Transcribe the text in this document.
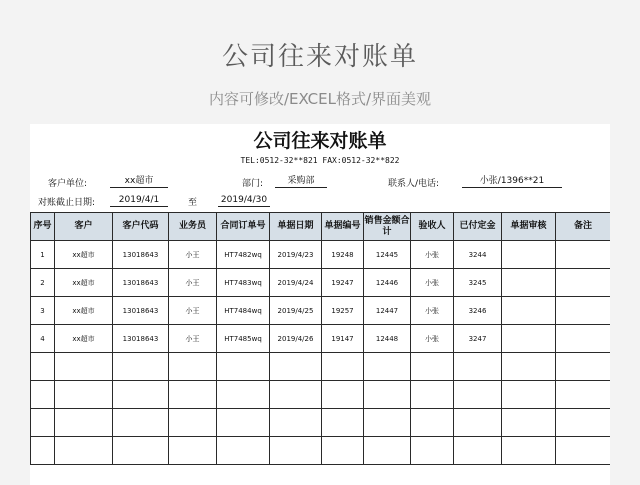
公司往来对账单
内容可修改/EXCEL格式/界面美观
公司往来对账单
TEL:0512-32**821 FAX:0512-32**822
客户单位:	xx超市	部门:	采购部	联系人/电话:	小张/1396**21
对账截止日期:	2019/4/1	至	2019/4/30
序号	客户	客户代码	业务员	合同订单号	单据日期	单据编号	销售金额合计	验收人	已付定金	单据审核	备注
1	xx超市	13018643	小王	HT7482wq	2019/4/23	19248	12445	小张	3244		
2	xx超市	13018643	小王	HT7483wq	2019/4/24	19247	12446	小张	3245		
3	xx超市	13018643	小王	HT7484wq	2019/4/25	19257	12447	小张	3246		
4	xx超市	13018643	小王	HT7485wq	2019/4/26	19147	12448	小张	3247		
